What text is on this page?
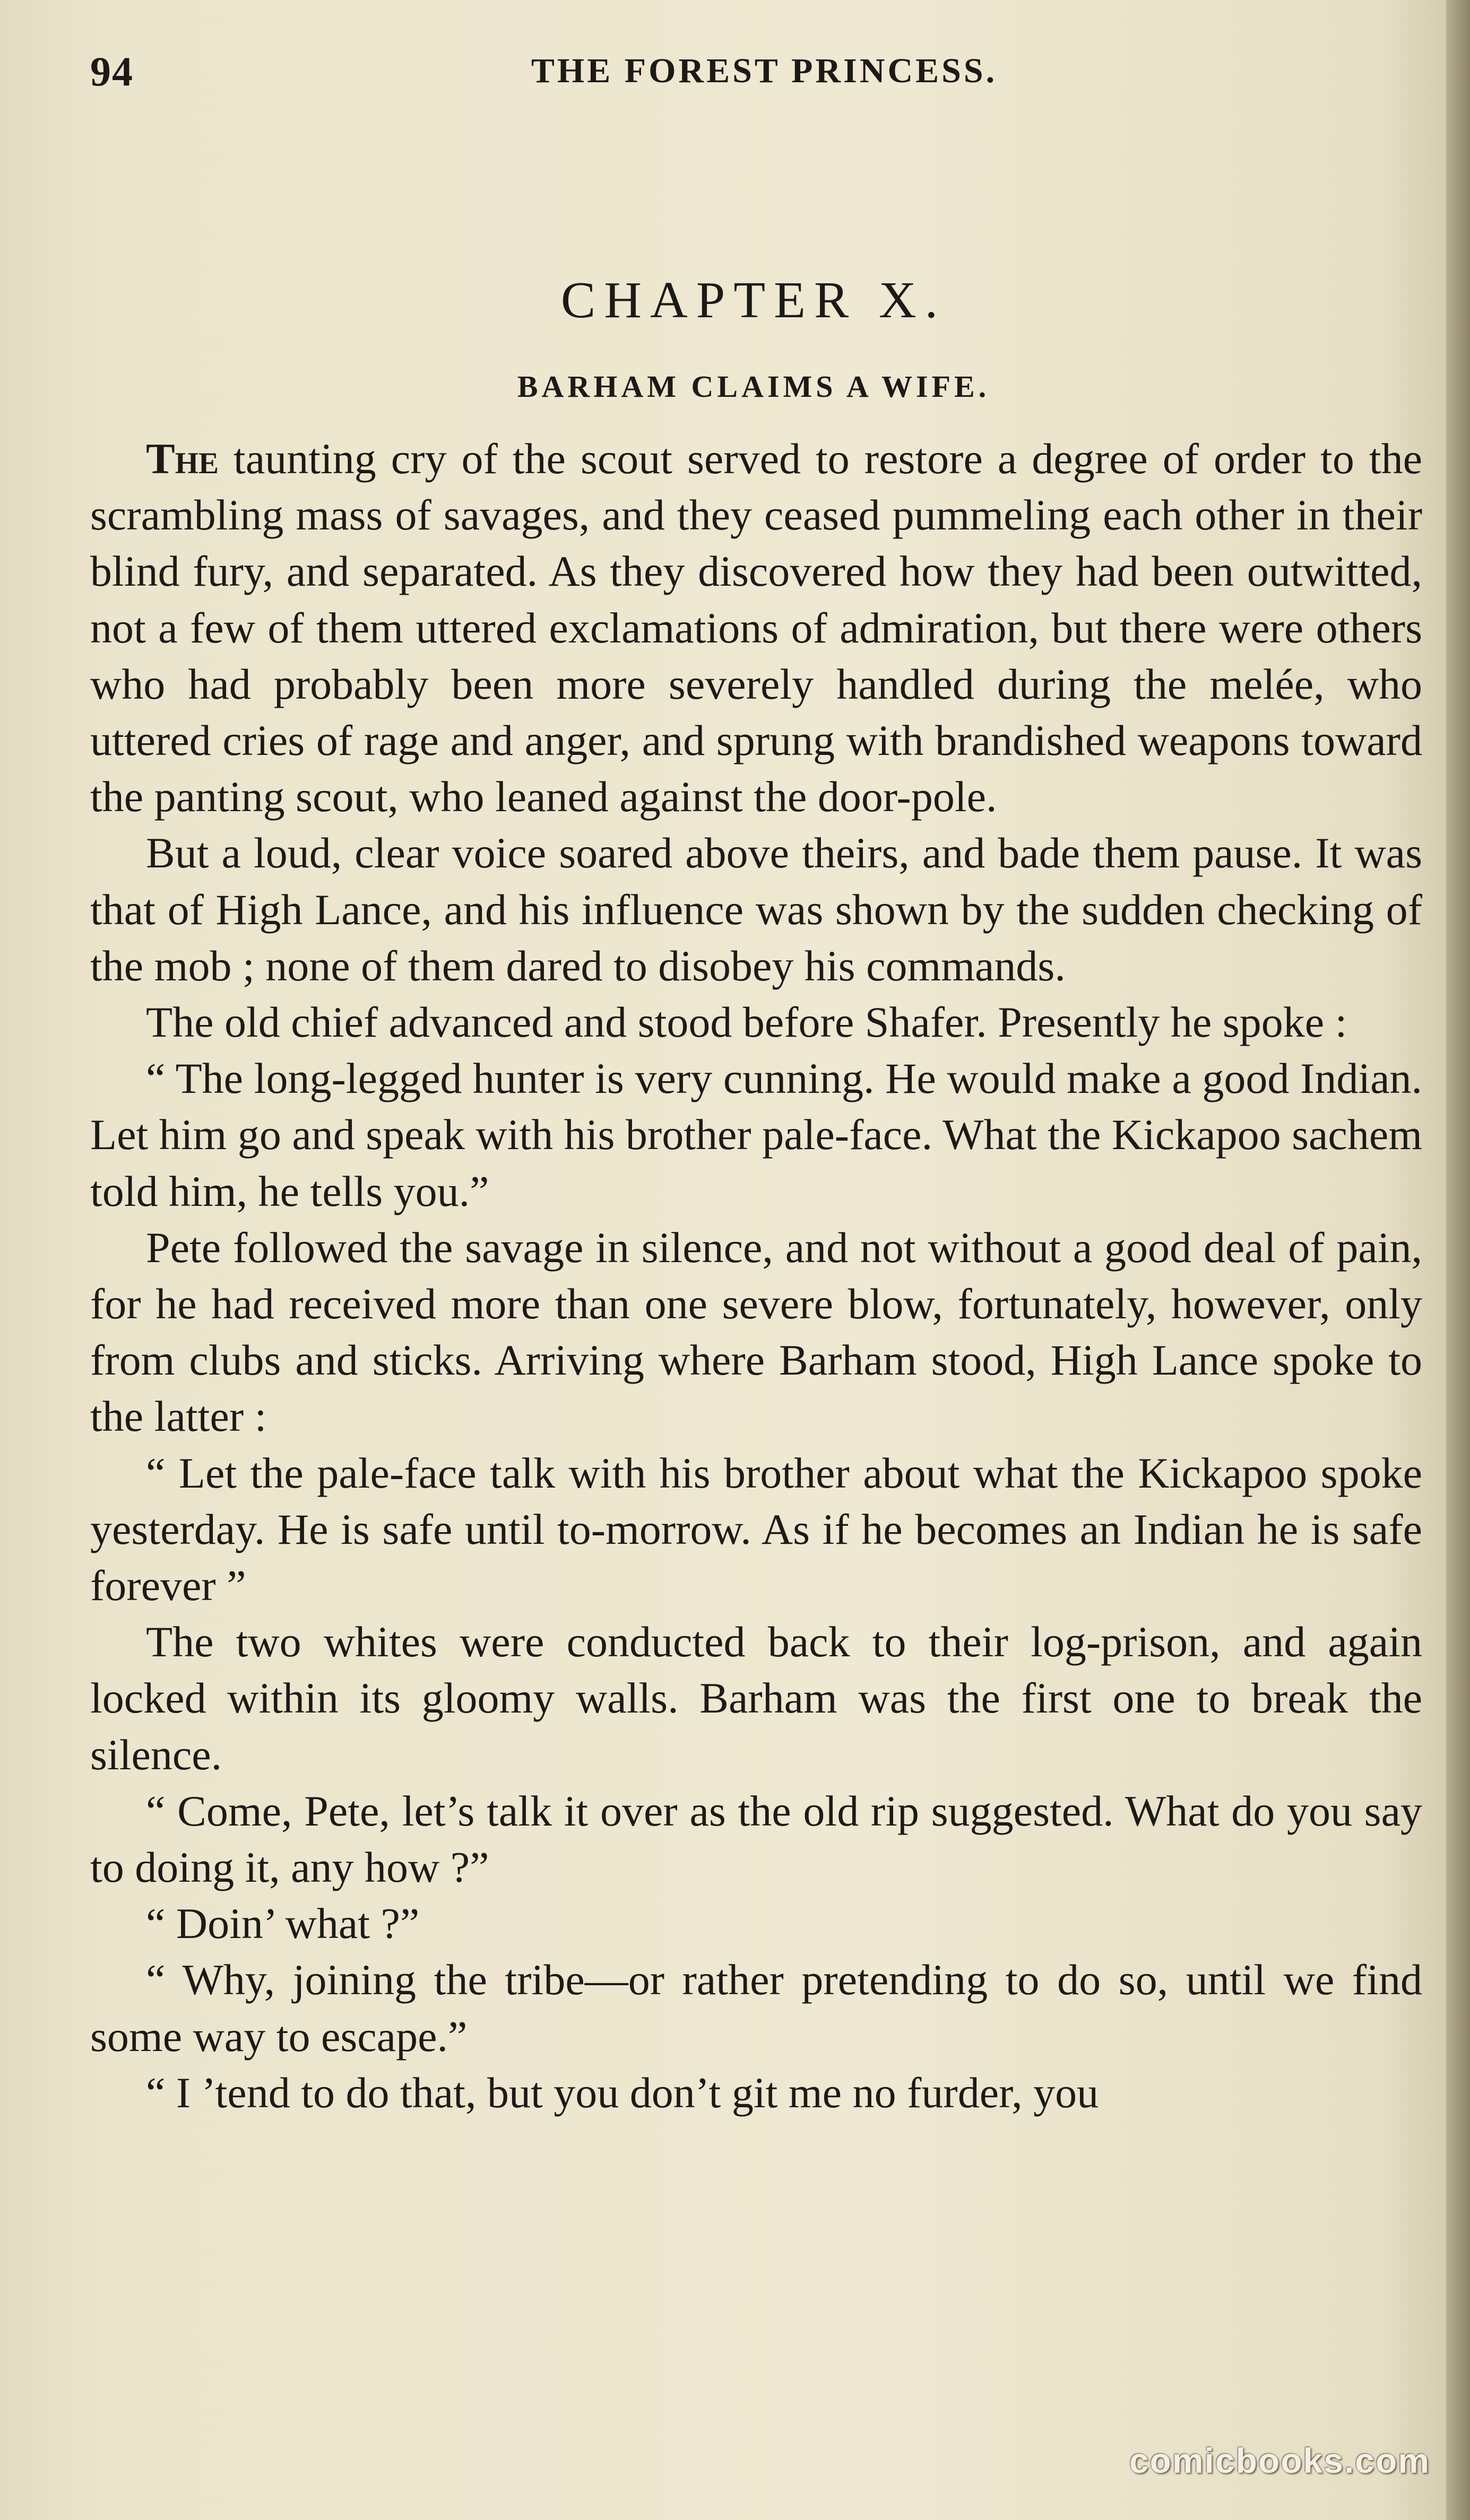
94	THE FOREST PRINCESS.
CHAPTER X.
BARHAM CLAIMS A WIFE.

The taunting cry of the scout served to restore a degree of order to the scrambling mass of savages, and they ceased pummeling each other in their blind fury, and separated. As they discovered how they had been outwitted, not a few of them uttered exclamations of admiration, but there were others who had probably been more severely handled during the melée, who uttered cries of rage and anger, and sprung with brandished weapons toward the panting scout, who leaned against the door-pole.

But a loud, clear voice soared above theirs, and bade them pause. It was that of High Lance, and his influence was shown by the sudden checking of the mob ; none of them dared to disobey his commands.

The old chief advanced and stood before Shafer. Presently he spoke :

“ The long-legged hunter is very cunning. He would make a good Indian. Let him go and speak with his brother pale-face. What the Kickapoo sachem told him, he tells you.”

Pete followed the savage in silence, and not without a good deal of pain, for he had received more than one severe blow, fortunately, however, only from clubs and sticks. Arriving where Barham stood, High Lance spoke to the latter :

“ Let the pale-face talk with his brother about what the Kickapoo spoke yesterday. He is safe until to-morrow. As if he becomes an Indian he is safe forever ”

The two whites were conducted back to their log-prison, and again locked within its gloomy walls. Barham was the first one to break the silence.

“ Come, Pete, let’s talk it over as the old rip suggested. What do you say to doing it, any how ?”

“ Doin’ what ?”

“ Why, joining the tribe—or rather pretending to do so, until we find some way to escape.”

“ I ’tend to do that, but you don’t git me no furder, you

comicbooks.com
